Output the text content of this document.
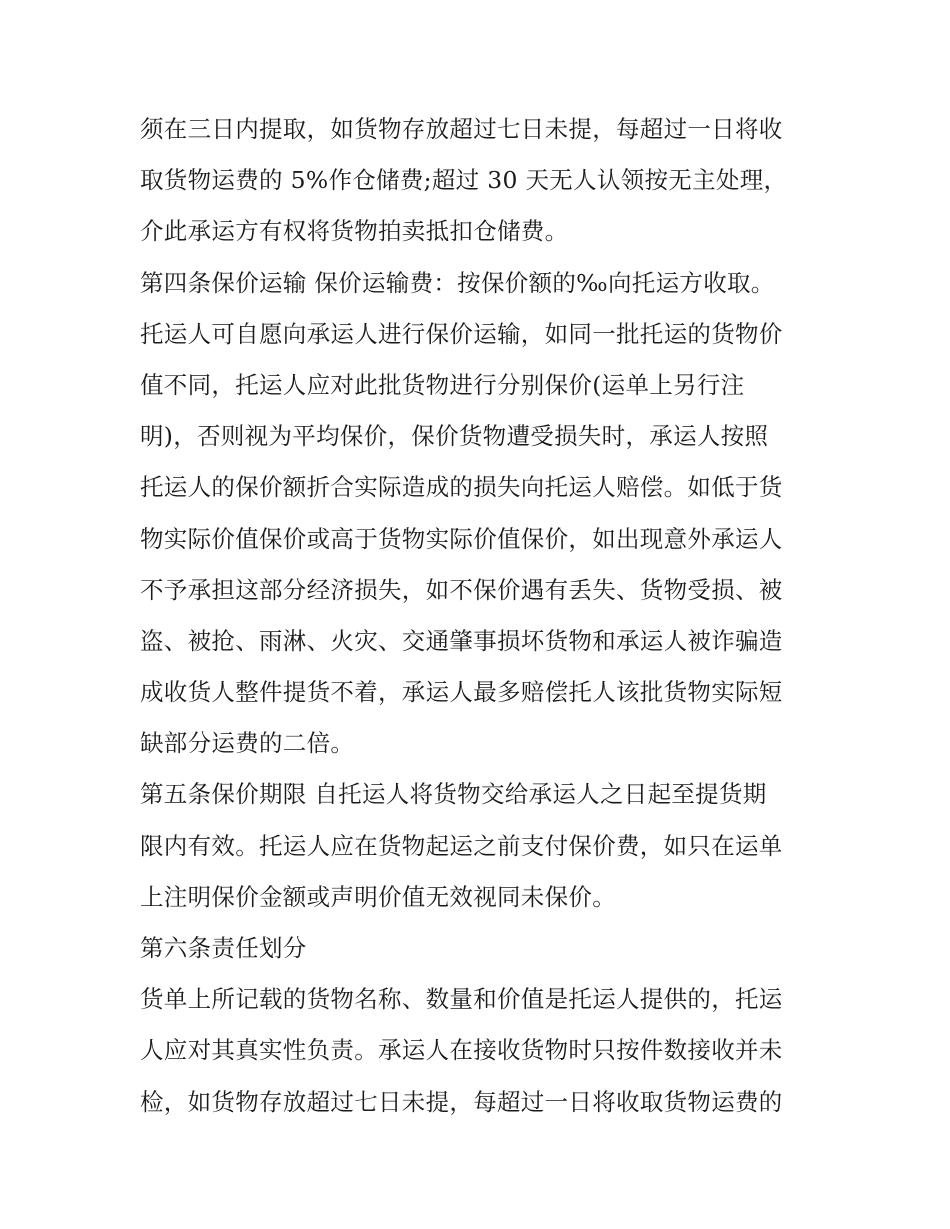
须在三日内提取，如货物存放超过七日未提，每超过一日将收
取货物运费的 5%作仓储费;超过 30 天无人认领按无主处理，
介此承运方有权将货物拍卖抵扣仓储费。
第四条保价运输 保价运输费：按保价额的‰向托运方收取。
托运人可自愿向承运人进行保价运输，如同一批托运的货物价
值不同，托运人应对此批货物进行分别保价(运单上另行注
明)，否则视为平均保价，保价货物遭受损失时，承运人按照
托运人的保价额折合实际造成的损失向托运人赔偿。如低于货
物实际价值保价或高于货物实际价值保价，如出现意外承运人
不予承担这部分经济损失，如不保价遇有丢失、货物受损、被
盗、被抢、雨淋、火灾、交通肇事损坏货物和承运人被诈骗造
成收货人整件提货不着，承运人最多赔偿托人该批货物实际短
缺部分运费的二倍。
第五条保价期限 自托运人将货物交给承运人之日起至提货期
限内有效。托运人应在货物起运之前支付保价费，如只在运单
上注明保价金额或声明价值无效视同未保价。
第六条责任划分
货单上所记载的货物名称、数量和价值是托运人提供的，托运
人应对其真实性负责。承运人在接收货物时只按件数接收并未
检，如货物存放超过七日未提，每超过一日将收取货物运费的
